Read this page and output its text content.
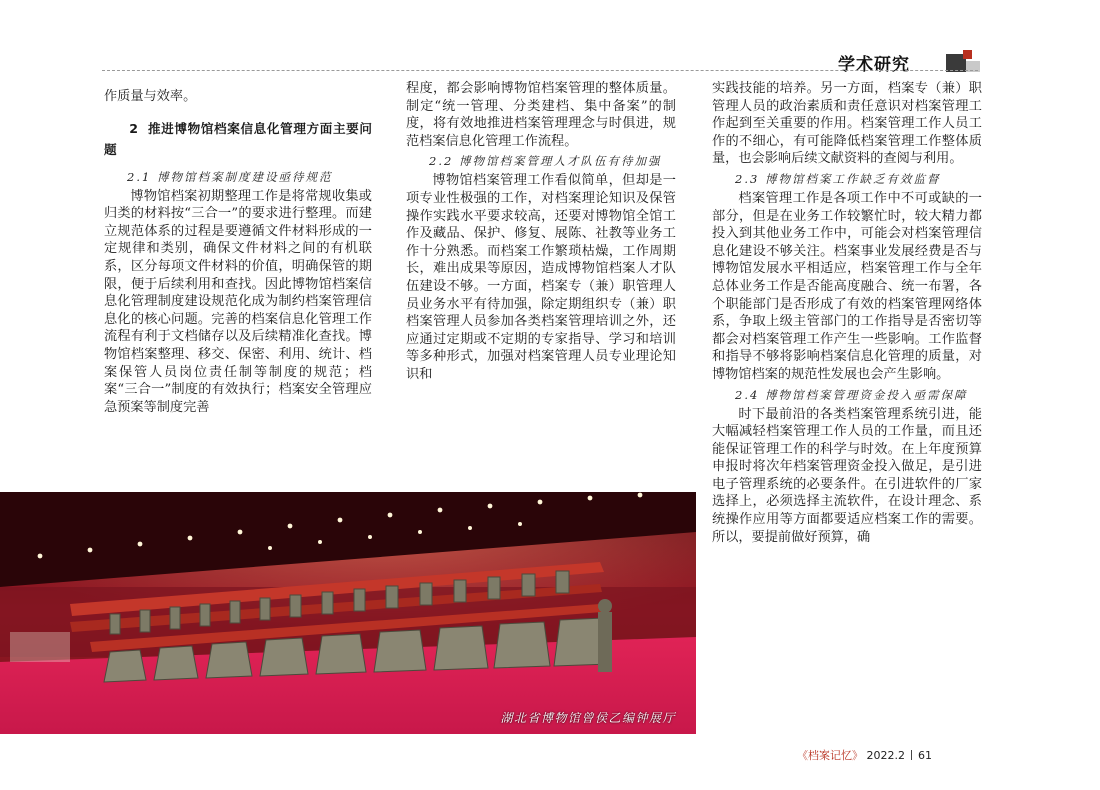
学术研究

作质量与效率。

2 推进博物馆档案信息化管理方面主要问题
2.1 博物馆档案制度建设亟待规范

博物馆档案初期整理工作是将常规收集或归类的材料按“三合一”的要求进行整理。而建立规范体系的过程是要遵循文件材料形成的一定规律和类别，确保文件材料之间的有机联系，区分每项文件材料的价值，明确保管的期限，便于后续利用和查找。因此博物馆档案信息化管理制度建设规范化成为制约档案管理信息化的核心问题。完善的档案信息化管理工作流程有利于文档储存以及后续精准化查找。博物馆档案整理、移交、保密、利用、统计、档案保管人员岗位责任制等制度的规范；档案“三合一”制度的有效执行；档案安全管理应急预案等制度完善

程度，都会影响博物馆档案管理的整体质量。制定“统一管理、分类建档、集中备案”的制度，将有效地推进档案管理理念与时俱进，规范档案信息化管理工作流程。

2.2 博物馆档案管理人才队伍有待加强

博物馆档案管理工作看似简单，但却是一项专业性极强的工作，对档案理论知识及保管操作实践水平要求较高，还要对博物馆全馆工作及藏品、保护、修复、展陈、社教等业务工作十分熟悉。而档案工作繁琐枯燥，工作周期长，难出成果等原因，造成博物馆档案人才队伍建设不够。一方面，档案专（兼）职管理人员业务水平有待加强，除定期组织专（兼）职档案管理人员参加各类档案管理培训之外，还应通过定期或不定期的专家指导、学习和培训等多种形式，加强对档案管理人员专业理论知识和

实践技能的培养。另一方面，档案专（兼）职管理人员的政治素质和责任意识对档案管理工作起到至关重要的作用。档案管理工作人员工作的不细心，有可能降低档案管理工作整体质量，也会影响后续文献资料的查阅与利用。

2.3 博物馆档案工作缺乏有效监督

档案管理工作是各项工作中不可或缺的一部分，但是在业务工作较繁忙时，较大精力都投入到其他业务工作中，可能会对档案管理信息化建设不够关注。档案事业发展经费是否与博物馆发展水平相适应，档案管理工作与全年总体业务工作是否能高度融合、统一布署，各个职能部门是否形成了有效的档案管理网络体系，争取上级主管部门的工作指导是否密切等都会对档案管理工作产生一些影响。工作监督和指导不够将影响档案信息化管理的质量，对博物馆档案的规范性发展也会产生影响。

2.4 博物馆档案管理资金投入亟需保障

时下最前沿的各类档案管理系统引进，能大幅减轻档案管理工作人员的工作量，而且还能保证管理工作的科学与时效。在上年度预算申报时将次年档案管理资金投入做足，是引进电子管理系统的必要条件。在引进软件的厂家选择上，必须选择主流软件，在设计理念、系统操作应用等方面都要适应档案工作的需要。所以，要提前做好预算，确

湖北省博物馆曾侯乙编钟展厅
《档案记忆》 2022.2 61
